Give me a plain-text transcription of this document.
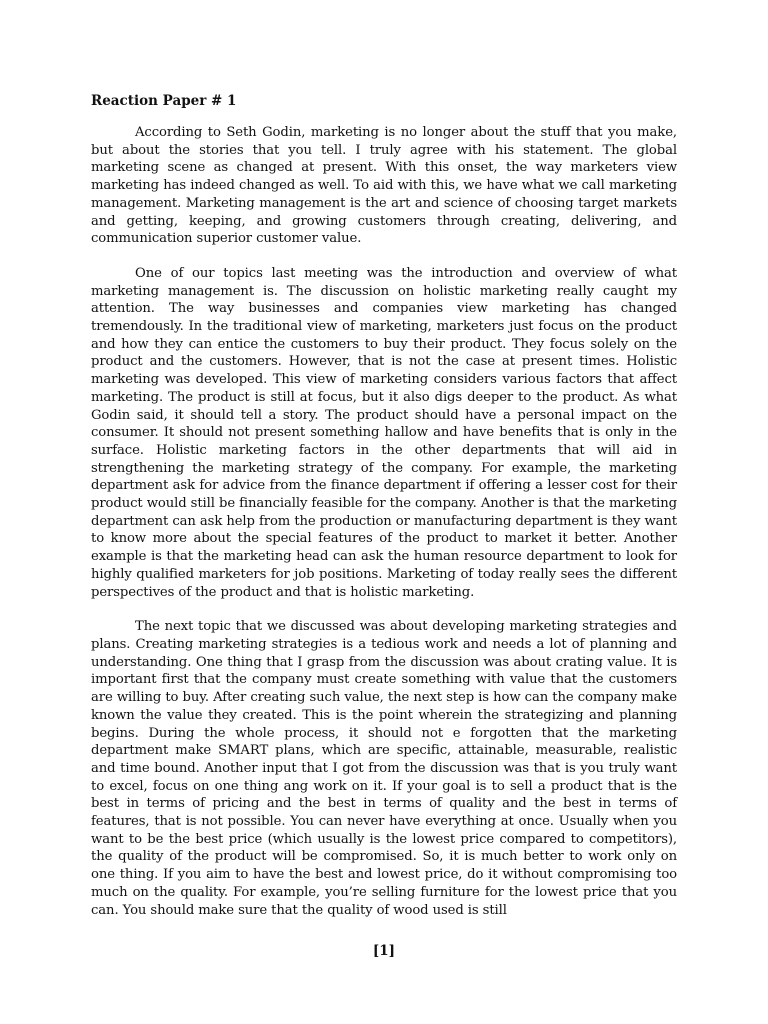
Reaction Paper # 1

According to Seth Godin, marketing is no longer about the stuff that you make, but about the stories that you tell. I truly agree with his statement. The global marketing scene as changed at present. With this onset, the way marketers view marketing has indeed changed as well. To aid with this, we have what we call marketing management. Marketing management is the art and science of choosing target markets and getting, keeping, and growing customers through creating, delivering, and communication superior customer value.

One of our topics last meeting was the introduction and overview of what marketing management is. The discussion on holistic marketing really caught my attention. The way businesses and companies view marketing has changed tremendously. In the traditional view of marketing, marketers just focus on the product and how they can entice the customers to buy their product. They focus solely on the product and the customers. However, that is not the case at present times. Holistic marketing was developed. This view of marketing considers various factors that affect marketing. The product is still at focus, but it also digs deeper to the product. As what Godin said, it should tell a story. The product should have a personal impact on the consumer. It should not present something hallow and have benefits that is only in the surface. Holistic marketing factors in the other departments that will aid in strengthening the marketing strategy of the company. For example, the marketing department ask for advice from the finance department if offering a lesser cost for their product would still be financially feasible for the company. Another is that the marketing department can ask help from the production or manufacturing department is they want to know more about the special features of the product to market it better. Another example is that the marketing head can ask the human resource department to look for highly qualified marketers for job positions. Marketing of today really sees the different perspectives of the product and that is holistic marketing.

The next topic that we discussed was about developing marketing strategies and plans. Creating marketing strategies is a tedious work and needs a lot of planning and understanding. One thing that I grasp from the discussion was about crating value. It is important first that the company must create something with value that the customers are willing to buy. After creating such value, the next step is how can the company make known the value they created. This is the point wherein the strategizing and planning begins. During the whole process, it should not e forgotten that the marketing department make SMART plans, which are specific, attainable, measurable, realistic and time bound. Another input that I got from the discussion was that is you truly want to excel, focus on one thing ang work on it. If your goal is to sell a product that is the best in terms of pricing and the best in terms of quality and the best in terms of features, that is not possible. You can never have everything at once. Usually when you want to be the best price (which usually is the lowest price compared to competitors), the quality of the product will be compromised. So, it is much better to work only on one thing. If you aim to have the best and lowest price, do it without compromising too much on the quality. For example, you’re selling furniture for the lowest price that you can. You should make sure that the quality of wood used is still

[1]
